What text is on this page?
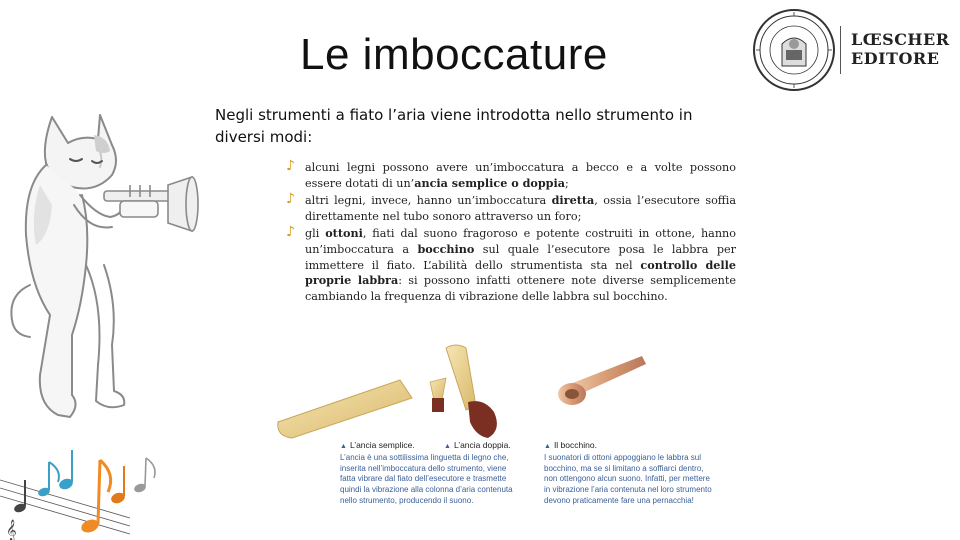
Le imboccature	LŒSCHER
EDITORE
Negli strumenti a fiato l’aria viene introdotta nello strumento in diversi modi:
♪ alcuni legni possono avere un’imboccatura a becco e a volte possono essere dotati di un’ancia semplice o doppia;
♪ altri legni, invece, hanno un’imboccatura diretta, ossia l’esecutore soffia direttamente nel tubo sonoro attraverso un foro;
♪ gli ottoni, fiati dal suono fragoroso e potente costruiti in ottone, hanno un’imboccatura a bocchino sul quale l’esecutore posa le labbra per immettere il fiato. L’abilità dello strumentista sta nel controllo delle proprie labbra: si possono infatti ottenere note diverse semplicemente cambiando la frequenza di vibrazione delle labbra sul bocchino.
▲ L’ancia semplice.
L’ancia è una sottilissima linguetta di legno che,
inserita nell’imboccatura dello strumento, viene
fatta vibrare dal fiato dell’esecutore e trasmette
quindi la vibrazione alla colonna d’aria contenuta
nello strumento, producendo il suono.
▲ L’ancia doppia.	▲ Il bocchino.
I suonatori di ottoni appoggiano le labbra sul
bocchino, ma se si limitano a soffiarci dentro,
non ottengono alcun suono. Infatti, per mettere
in vibrazione l’aria contenuta nel loro strumento
devono praticamente fare una pernacchia!
𝄞
